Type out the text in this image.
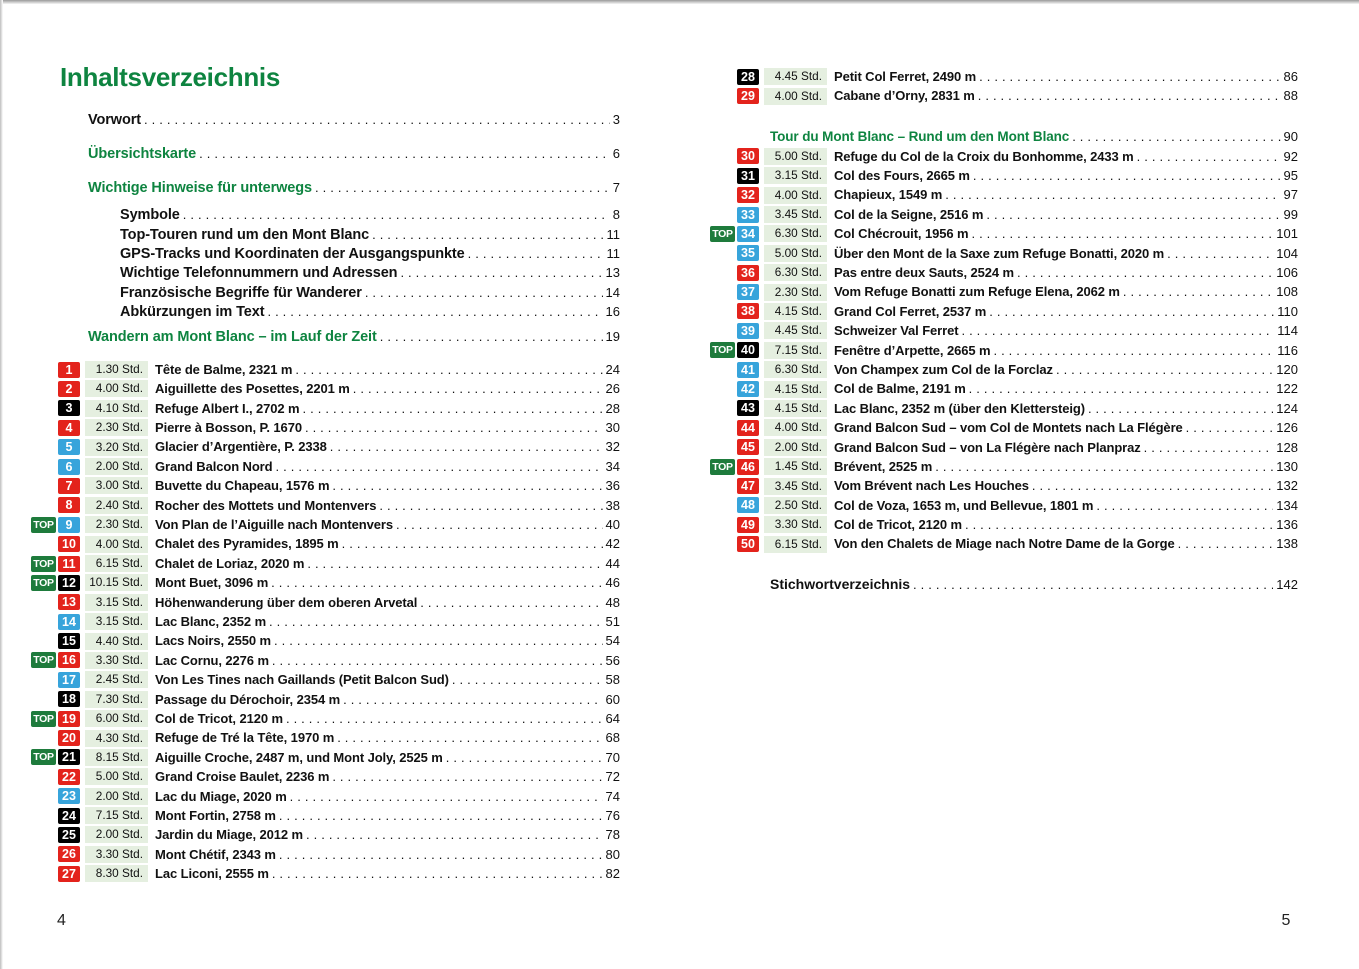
Inhaltsverzeichnis
Vorwort .....	3
Übersichtskarte .....	6
Wichtige Hinweise für unterwegs .....	7
Symbole .....	8
Top-Touren rund um den Mont Blanc .....	11
GPS-Tracks und Koordinaten der Ausgangspunkte .....	11
Wichtige Telefonnummern und Adressen .....	13
Französische Begriffe für Wanderer .....	14
Abkürzungen im Text .....	16
Wandern am Mont Blanc – im Lauf der Zeit .....	19
1	1.30 Std. Tête de Balme, 2321 m .....	24
2	4.00 Std. Aiguillette des Posettes, 2201 m .....	26
3	4.10 Std. Refuge Albert I., 2702 m .....	28
4	2.30 Std. Pierre à Bosson, P. 1670 .....	30
5	3.20 Std. Glacier d’Argentière, P. 2338 .....	32
6	2.00 Std. Grand Balcon Nord .....	34
7	3.00 Std. Buvette du Chapeau, 1576 m .....	36
8	2.40 Std. Rocher des Mottets und Montenvers .....	38
TOP 9	2.30 Std. Von Plan de l’Aiguille nach Montenvers .....	40
10	4.00 Std. Chalet des Pyramides, 1895 m .....	42
TOP 11	6.15 Std. Chalet de Loriaz, 2020 m .....	44
TOP 12	10.15 Std. Mont Buet, 3096 m .....	46
13	3.15 Std. Höhenwanderung über dem oberen Arvetal .....	48
14	3.15 Std. Lac Blanc, 2352 m .....	51
15	4.40 Std. Lacs Noirs, 2550 m .....	54
TOP 16	3.30 Std. Lac Cornu, 2276 m .....	56
17	2.45 Std. Von Les Tines nach Gaillands (Petit Balcon Sud) .....	58
18	7.30 Std. Passage du Dérochoir, 2354 m .....	60
TOP 19	6.00 Std. Col de Tricot, 2120 m .....	64
20	4.30 Std. Refuge de Tré la Tête, 1970 m .....	68
TOP 21	8.15 Std. Aiguille Croche, 2487 m, und Mont Joly, 2525 m .....	70
22	5.00 Std. Grand Croise Baulet, 2236 m .....	72
23	2.00 Std. Lac du Miage, 2020 m .....	74
24	7.15 Std. Mont Fortin, 2758 m .....	76
25	2.00 Std. Jardin du Miage, 2012 m .....	78
26	3.30 Std. Mont Chétif, 2343 m .....	80
27	8.30 Std. Lac Liconi, 2555 m .....	82
28	4.45 Std. Petit Col Ferret, 2490 m .....	86
29	4.00 Std. Cabane d’Orny, 2831 m .....	88
Tour du Mont Blanc – Rund um den Mont Blanc .....	90
30	5.00 Std. Refuge du Col de la Croix du Bonhomme, 2433 m .....	92
31	3.15 Std. Col des Fours, 2665 m .....	95
32	4.00 Std. Chapieux, 1549 m .....	97
33	3.45 Std. Col de la Seigne, 2516 m .....	99
TOP 34	6.30 Std. Col Chécrouit, 1956 m .....	101
35	5.00 Std. Über den Mont de la Saxe zum Refuge Bonatti, 2020 m .....	104
36	6.30 Std. Pas entre deux Sauts, 2524 m .....	106
37	2.30 Std. Vom Refuge Bonatti zum Refuge Elena, 2062 m .....	108
38	4.15 Std. Grand Col Ferret, 2537 m .....	110
39	4.45 Std. Schweizer Val Ferret .....	114
TOP 40	7.15 Std. Fenêtre d’Arpette, 2665 m .....	116
41	6.30 Std. Von Champex zum Col de la Forclaz .....	120
42	4.15 Std. Col de Balme, 2191 m .....	122
43	4.15 Std. Lac Blanc, 2352 m (über den Klettersteig) .....	124
44	4.00 Std. Grand Balcon Sud – vom Col de Montets nach La Flégère .....	126
45	2.00 Std. Grand Balcon Sud – von La Flégère nach Planpraz .....	128
TOP 46	1.45 Std. Brévent, 2525 m .....	130
47	3.45 Std. Vom Brévent nach Les Houches .....	132
48	2.50 Std. Col de Voza, 1653 m, und Bellevue, 1801 m .....	134
49	3.30 Std. Col de Tricot, 2120 m .....	136
50	6.15 Std. Von den Chalets de Miage nach Notre Dame de la Gorge .....	138
Stichwortverzeichnis .....	142
4	5
